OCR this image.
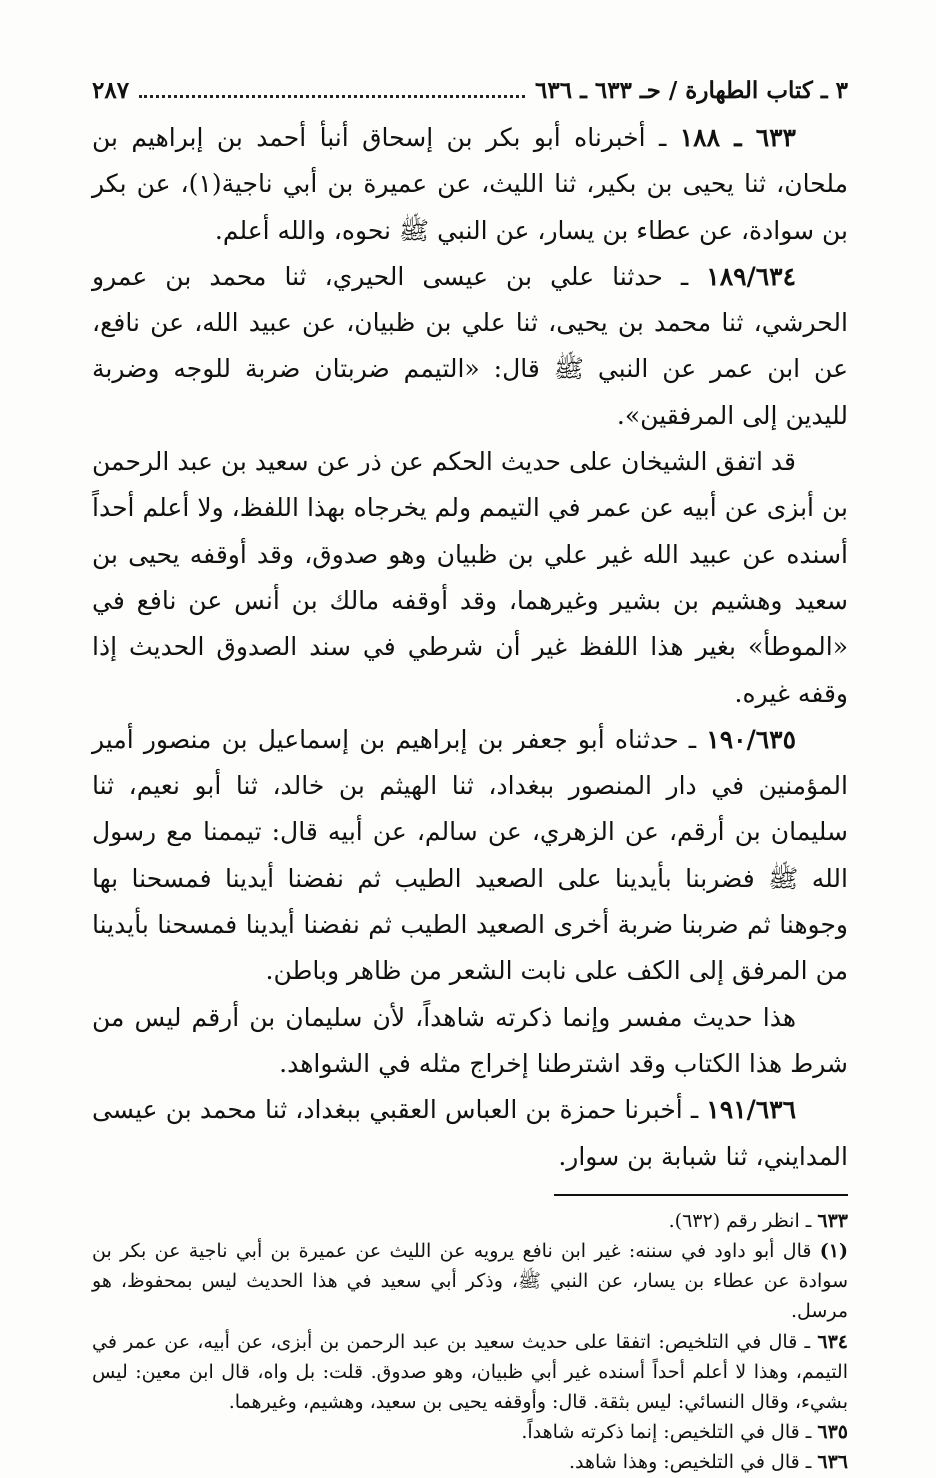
٢٨٧	٣ ـ كتاب الطهارة / حـ ٦٣٣ ـ ٦٣٦

٦٣٣ ـ ١٨٨ ـ أخبرناه أبو بكر بن إسحاق أنبأ أحمد بن إبراهيم بن ملحان، ثنا يحيى بن بكير، ثنا الليث، عن عميرة بن أبي ناجية(١)، عن بكر بن سوادة، عن عطاء بن يسار، عن النبي ﷺ نحوه، والله أعلم.

١٨٩/٦٣٤ ـ حدثنا علي بن عيسى الحيري، ثنا محمد بن عمرو الحرشي، ثنا محمد بن يحيى، ثنا علي بن ظبيان، عن عبيد الله، عن نافع، عن ابن عمر عن النبي ﷺ قال: «التيمم ضربتان ضربة للوجه وضربة لليدين إلى المرفقين».

قد اتفق الشيخان على حديث الحكم عن ذر عن سعيد بن عبد الرحمن بن أبزى عن أبيه عن عمر في التيمم ولم يخرجاه بهذا اللفظ، ولا أعلم أحداً أسنده عن عبيد الله غير علي بن ظبيان وهو صدوق، وقد أوقفه يحيى بن سعيد وهشيم بن بشير وغيرهما، وقد أوقفه مالك بن أنس عن نافع في «الموطأ» بغير هذا اللفظ غير أن شرطي في سند الصدوق الحديث إذا وقفه غيره.

١٩٠/٦٣٥ ـ حدثناه أبو جعفر بن إبراهيم بن إسماعيل بن منصور أمير المؤمنين في دار المنصور ببغداد، ثنا الهيثم بن خالد، ثنا أبو نعيم، ثنا سليمان بن أرقم، عن الزهري، عن سالم، عن أبيه قال: تيممنا مع رسول الله ﷺ فضربنا بأيدينا على الصعيد الطيب ثم نفضنا أيدينا فمسحنا بها وجوهنا ثم ضربنا ضربة أخرى الصعيد الطيب ثم نفضنا أيدينا فمسحنا بأيدينا من المرفق إلى الكف على نابت الشعر من ظاهر وباطن.

هذا حديث مفسر وإنما ذكرته شاهداً، لأن سليمان بن أرقم ليس من شرط هذا الكتاب وقد اشترطنا إخراج مثله في الشواهد.

١٩١/٦٣٦ ـ أخبرنا حمزة بن العباس العقبي ببغداد، ثنا محمد بن عيسى المدايني، ثنا شبابة بن سوار.

٦٣٣ ـ انظر رقم (٦٣٢).

(١) قال أبو داود في سننه: غير ابن نافع يرويه عن الليث عن عميرة بن أبي ناجية عن بكر بن سوادة عن عطاء بن يسار، عن النبي ﷺ، وذكر أبي سعيد في هذا الحديث ليس بمحفوظ، هو مرسل.

٦٣٤ ـ قال في التلخيص: اتفقا على حديث سعيد بن عبد الرحمن بن أبزى، عن أبيه، عن عمر في التيمم، وهذا لا أعلم أحداً أسنده غير أبي ظبيان، وهو صدوق. قلت: بل واه، قال ابن معين: ليس بشيء، وقال النسائي: ليس بثقة. قال: وأوقفه يحيى بن سعيد، وهشيم، وغيرهما.

٦٣٥ ـ قال في التلخيص: إنما ذكرته شاهداً.

٦٣٦ ـ قال في التلخيص: وهذا شاهد.
